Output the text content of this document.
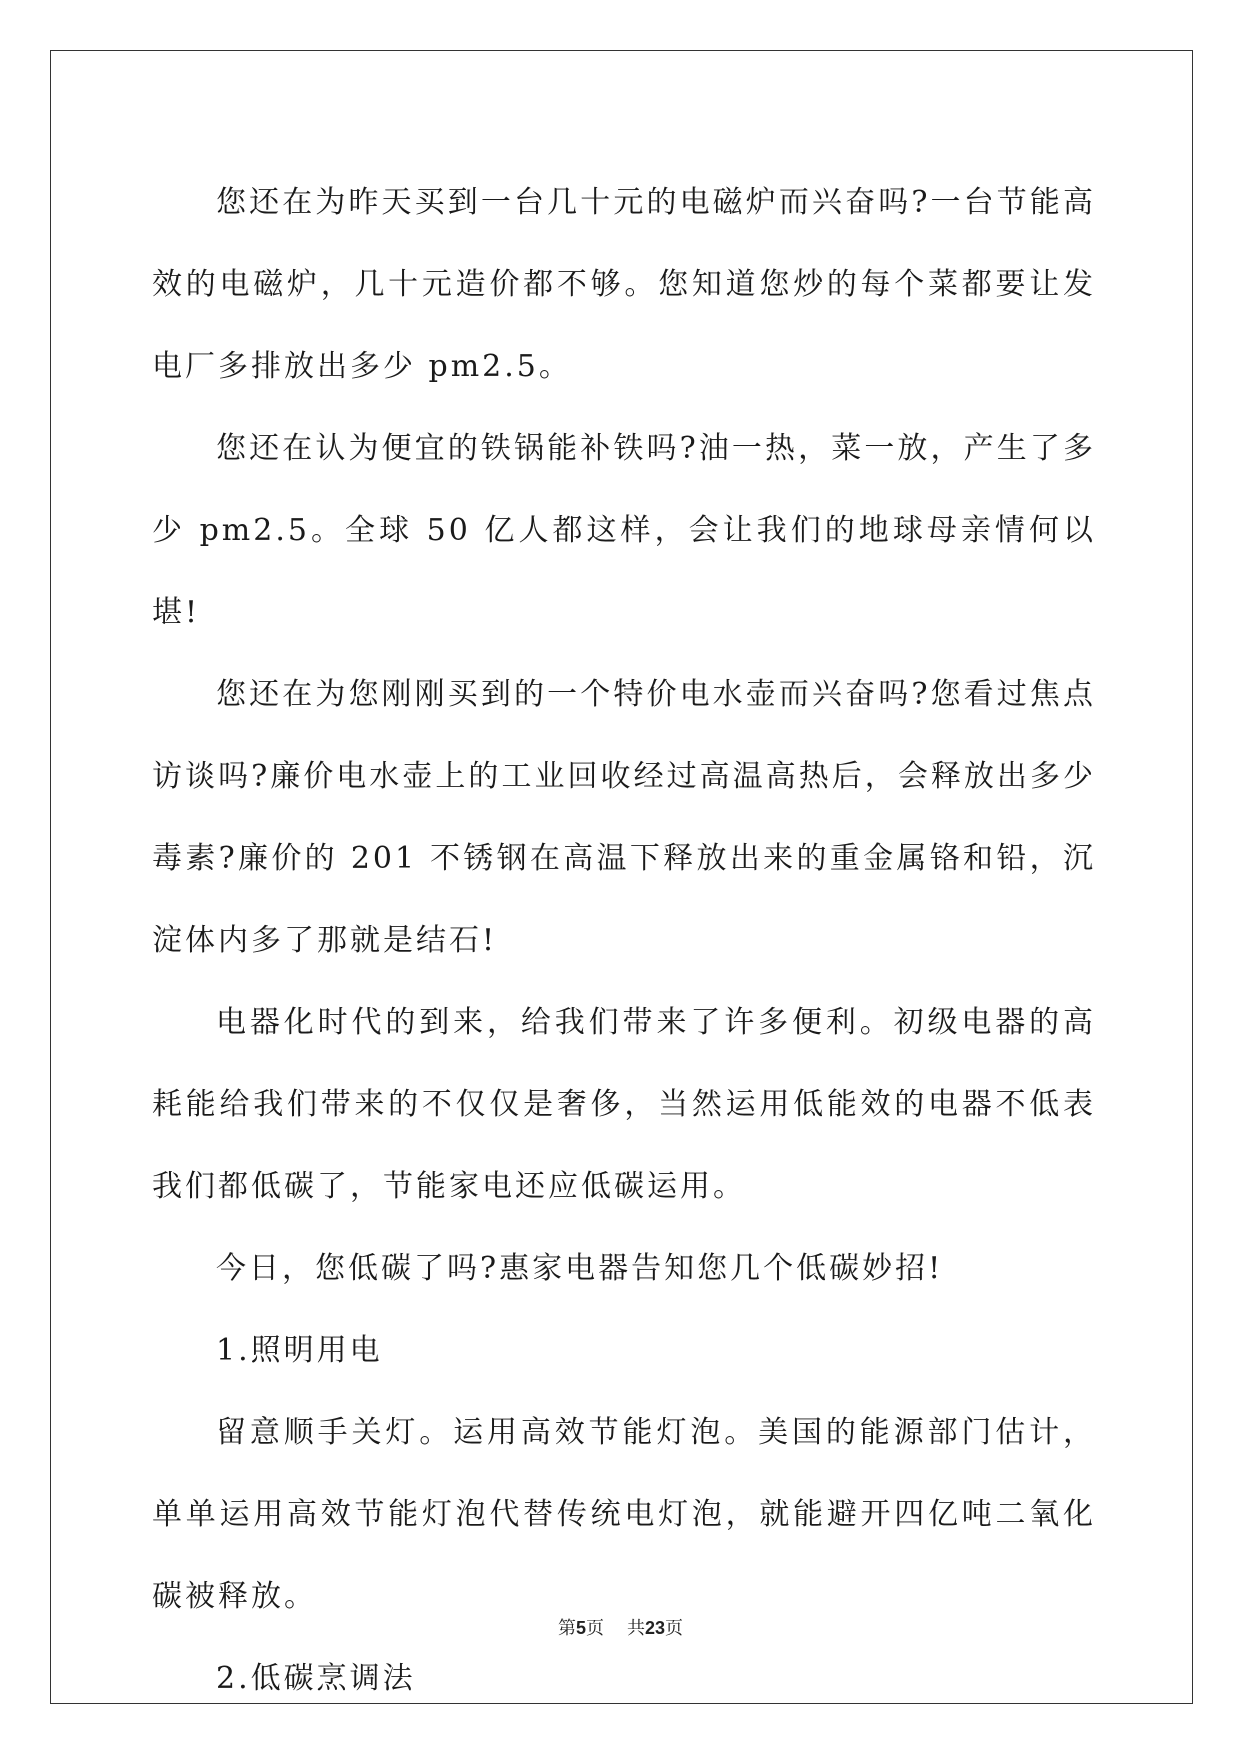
您还在为昨天买到一台几十元的电磁炉而兴奋吗?一台节能高效的电磁炉，几十元造价都不够。您知道您炒的每个菜都要让发电厂多排放出多少 pm2.5。

您还在认为便宜的铁锅能补铁吗?油一热，菜一放，产生了多少 pm2.5。全球 50 亿人都这样，会让我们的地球母亲情何以堪!

您还在为您刚刚买到的一个特价电水壶而兴奋吗?您看过焦点访谈吗?廉价电水壶上的工业回收经过高温高热后，会释放出多少毒素?廉价的 201 不锈钢在高温下释放出来的重金属铬和铅，沉淀体内多了那就是结石!

电器化时代的到来，给我们带来了许多便利。初级电器的高耗能给我们带来的不仅仅是奢侈，当然运用低能效的电器不低表我们都低碳了，节能家电还应低碳运用。

今日，您低碳了吗?惠家电器告知您几个低碳妙招!

1.照明用电

留意顺手关灯。运用高效节能灯泡。美国的能源部门估计，单单运用高效节能灯泡代替传统电灯泡，就能避开四亿吨二氧化碳被释放。

2.低碳烹调法

第5页 共23页
